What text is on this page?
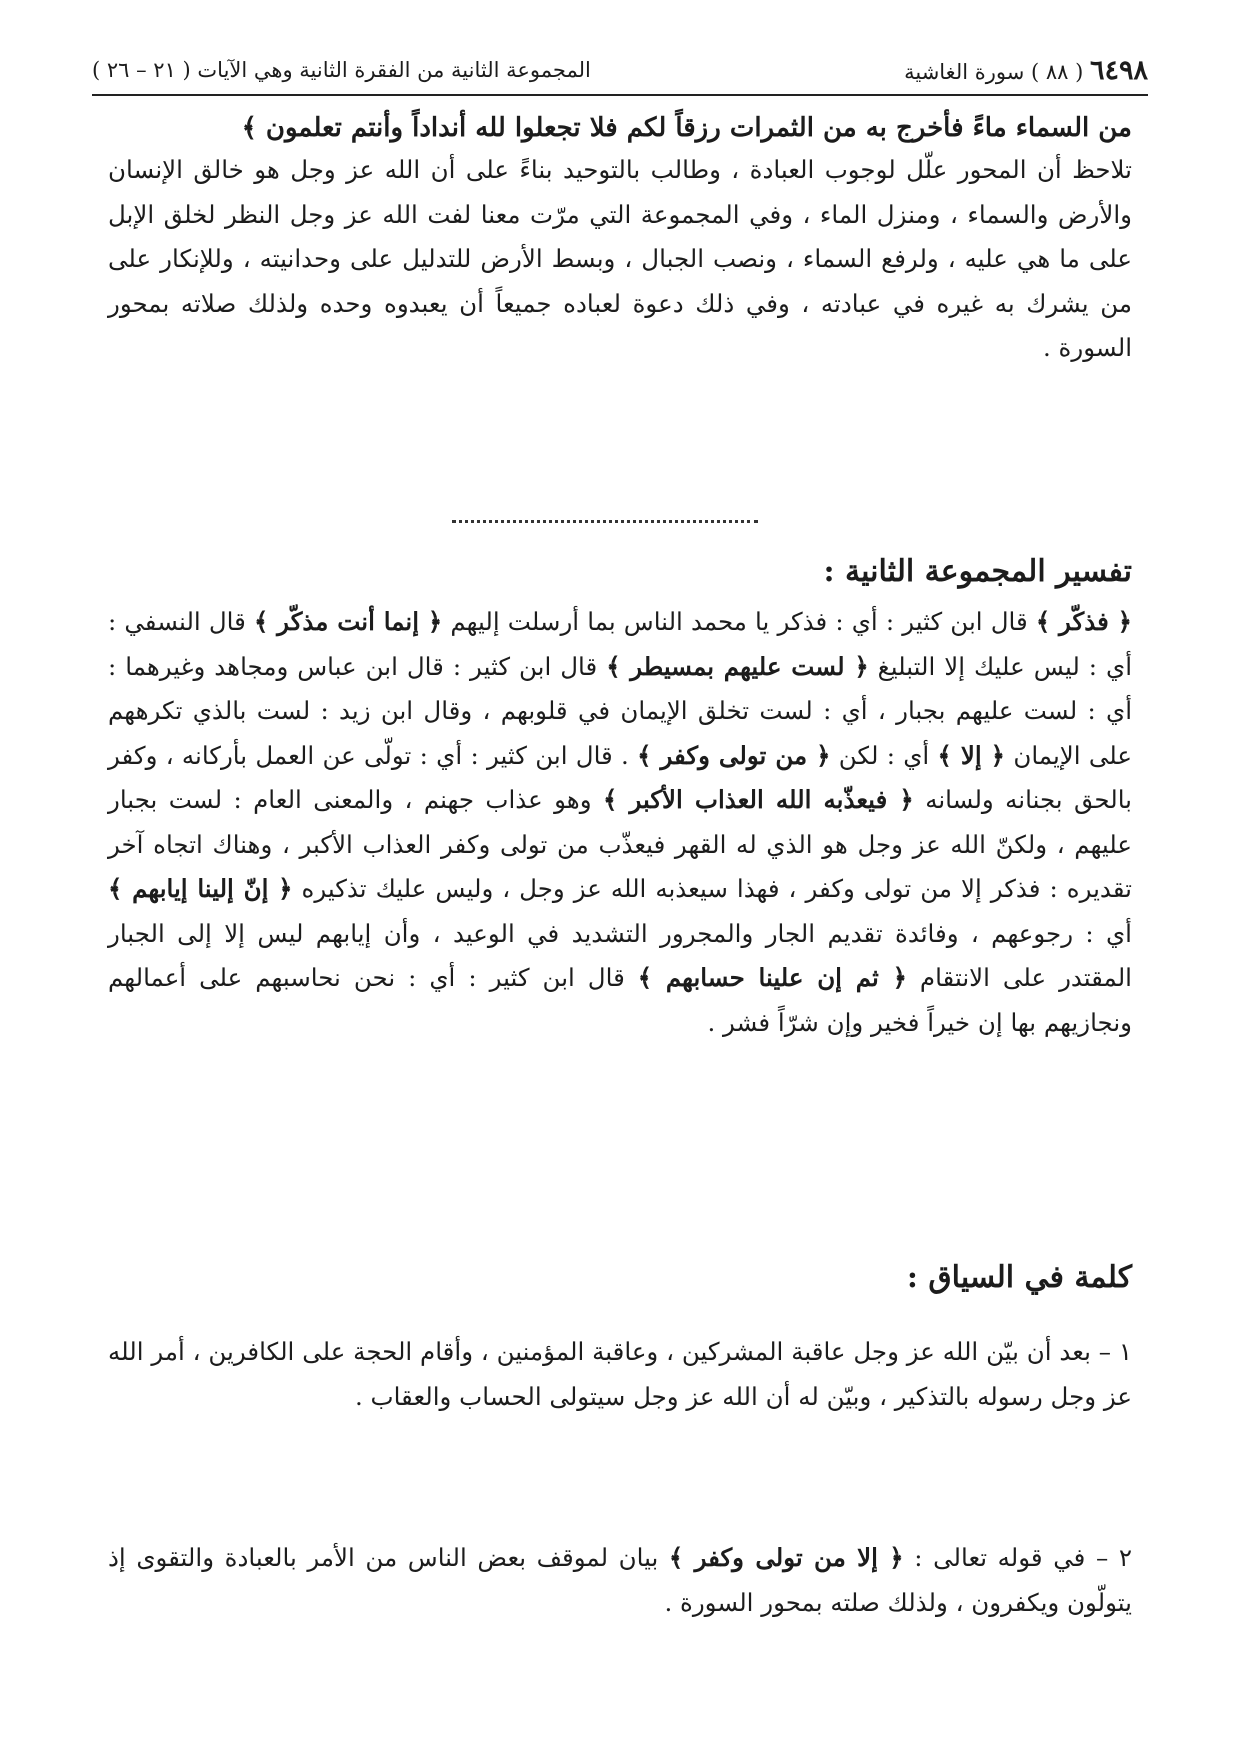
٦٤٩٨ ( ٨٨ ) سورة الغاشية
المجموعة الثانية من الفقرة الثانية وهي الآيات ( ٢١ – ٢٦ )

من السماء ماءً فأخرج به من الثمرات رزقاً لكم فلا تجعلوا لله أنداداً وأنتم تعلمون ﴾

تلاحظ أن المحور علّل لوجوب العبادة ، وطالب بالتوحيد بناءً على أن الله عز وجل هو خالق الإنسان والأرض والسماء ، ومنزل الماء ، وفي المجموعة التي مرّت معنا لفت الله عز وجل النظر لخلق الإبل على ما هي عليه ، ولرفع السماء ، ونصب الجبال ، وبسط الأرض للتدليل على وحدانيته ، وللإنكار على من يشرك به غيره في عبادته ، وفي ذلك دعوة لعباده جميعاً أن يعبدوه وحده ولذلك صلاته بمحور السورة .

تفسير المجموعة الثانية :

﴿ فذكّر ﴾ قال ابن كثير : أي : فذكر يا محمد الناس بما أرسلت إليهم ﴿ إنما أنت مذكّر ﴾ قال النسفي : أي : ليس عليك إلا التبليغ ﴿ لست عليهم بمسيطر ﴾ قال ابن كثير : قال ابن عباس ومجاهد وغيرهما : أي : لست عليهم بجبار ، أي : لست تخلق الإيمان في قلوبهم ، وقال ابن زيد : لست بالذي تكرههم على الإيمان ﴿ إلا ﴾ أي : لكن ﴿ من تولى وكفر ﴾ . قال ابن كثير : أي : تولّى عن العمل بأركانه ، وكفر بالحق بجنانه ولسانه ﴿ فيعذّبه الله العذاب الأكبر ﴾ وهو عذاب جهنم ، والمعنى العام : لست بجبار عليهم ، ولكنّ الله عز وجل هو الذي له القهر فيعذّب من تولى وكفر العذاب الأكبر ، وهناك اتجاه آخر تقديره : فذكر إلا من تولى وكفر ، فهذا سيعذبه الله عز وجل ، وليس عليك تذكيره ﴿ إنّ إلينا إيابهم ﴾ أي : رجوعهم ، وفائدة تقديم الجار والمجرور التشديد في الوعيد ، وأن إيابهم ليس إلا إلى الجبار المقتدر على الانتقام ﴿ ثم إن علينا حسابهم ﴾ قال ابن كثير : أي : نحن نحاسبهم على أعمالهم ونجازيهم بها إن خيراً فخير وإن شرّاً فشر .

كلمة في السياق :

١ – بعد أن بيّن الله عز وجل عاقبة المشركين ، وعاقبة المؤمنين ، وأقام الحجة على الكافرين ، أمر الله عز وجل رسوله بالتذكير ، وبيّن له أن الله عز وجل سيتولى الحساب والعقاب .

٢ – في قوله تعالى : ﴿ إلا من تولى وكفر ﴾ بيان لموقف بعض الناس من الأمر بالعبادة والتقوى إذ يتولّون ويكفرون ، ولذلك صلته بمحور السورة .
